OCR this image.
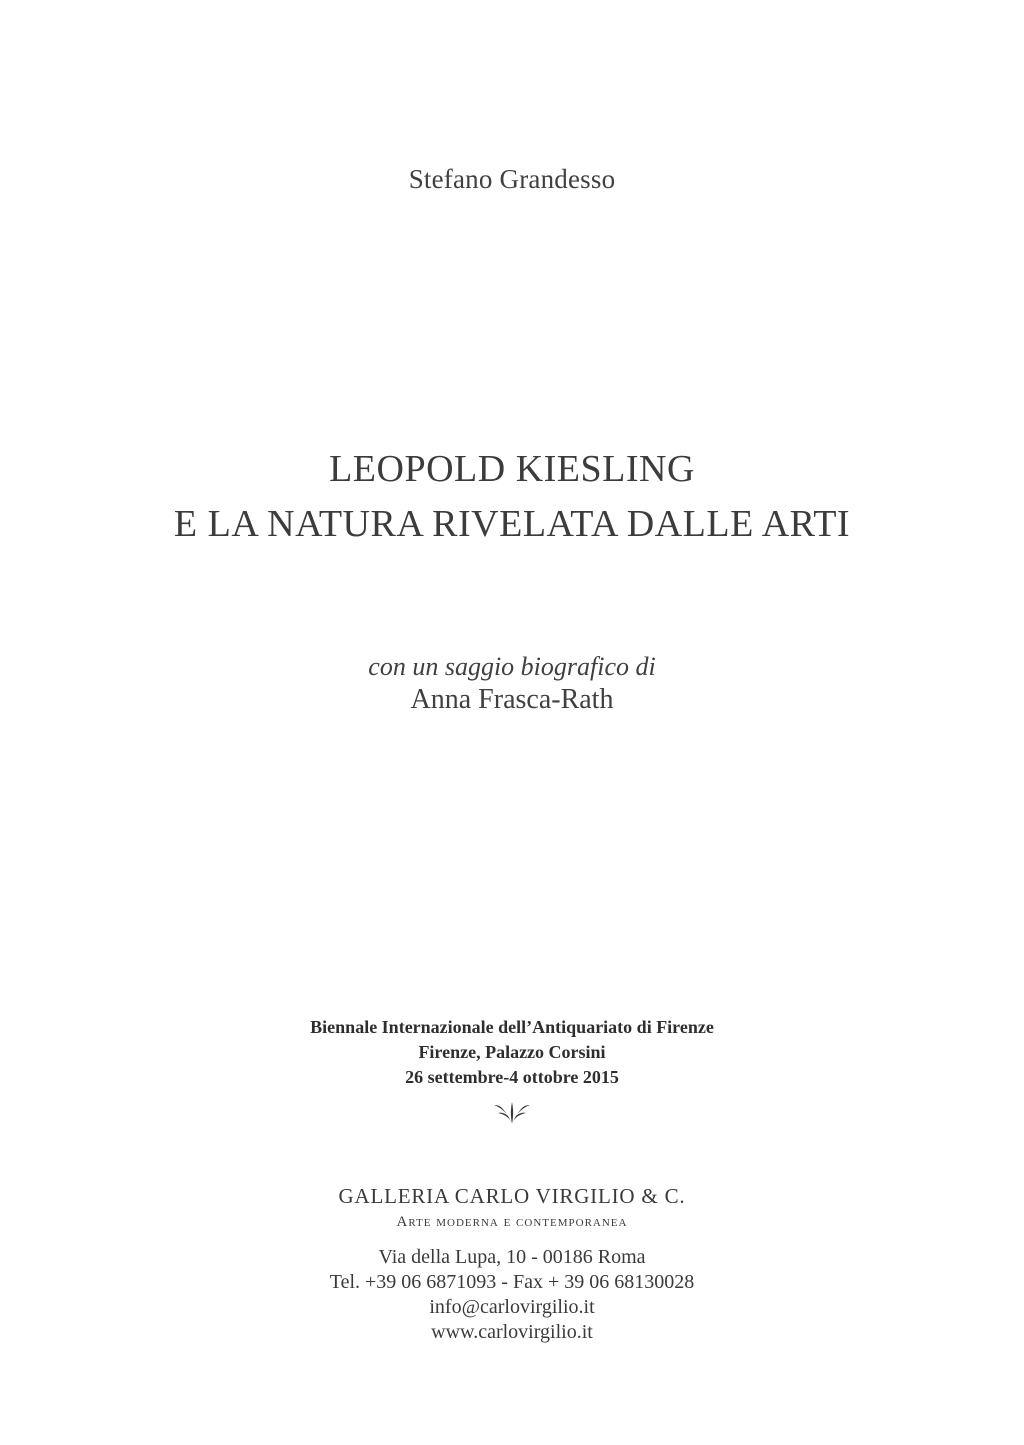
Stefano Grandesso
LEOPOLD KIESLING
E LA NATURA RIVELATA DALLE ARTI
con un saggio biografico di
Anna Frasca-Rath
Biennale Internazionale dell’Antiquariato di Firenze
Firenze, Palazzo Corsini
26 settembre-4 ottobre 2015
GALLERIA CARLO VIRGILIO & C.
Arte moderna e contemporanea
Via della Lupa, 10 - 00186 Roma
Tel. +39 06 6871093 - Fax + 39 06 68130028
info@carlovirgilio.it
www.carlovirgilio.it
